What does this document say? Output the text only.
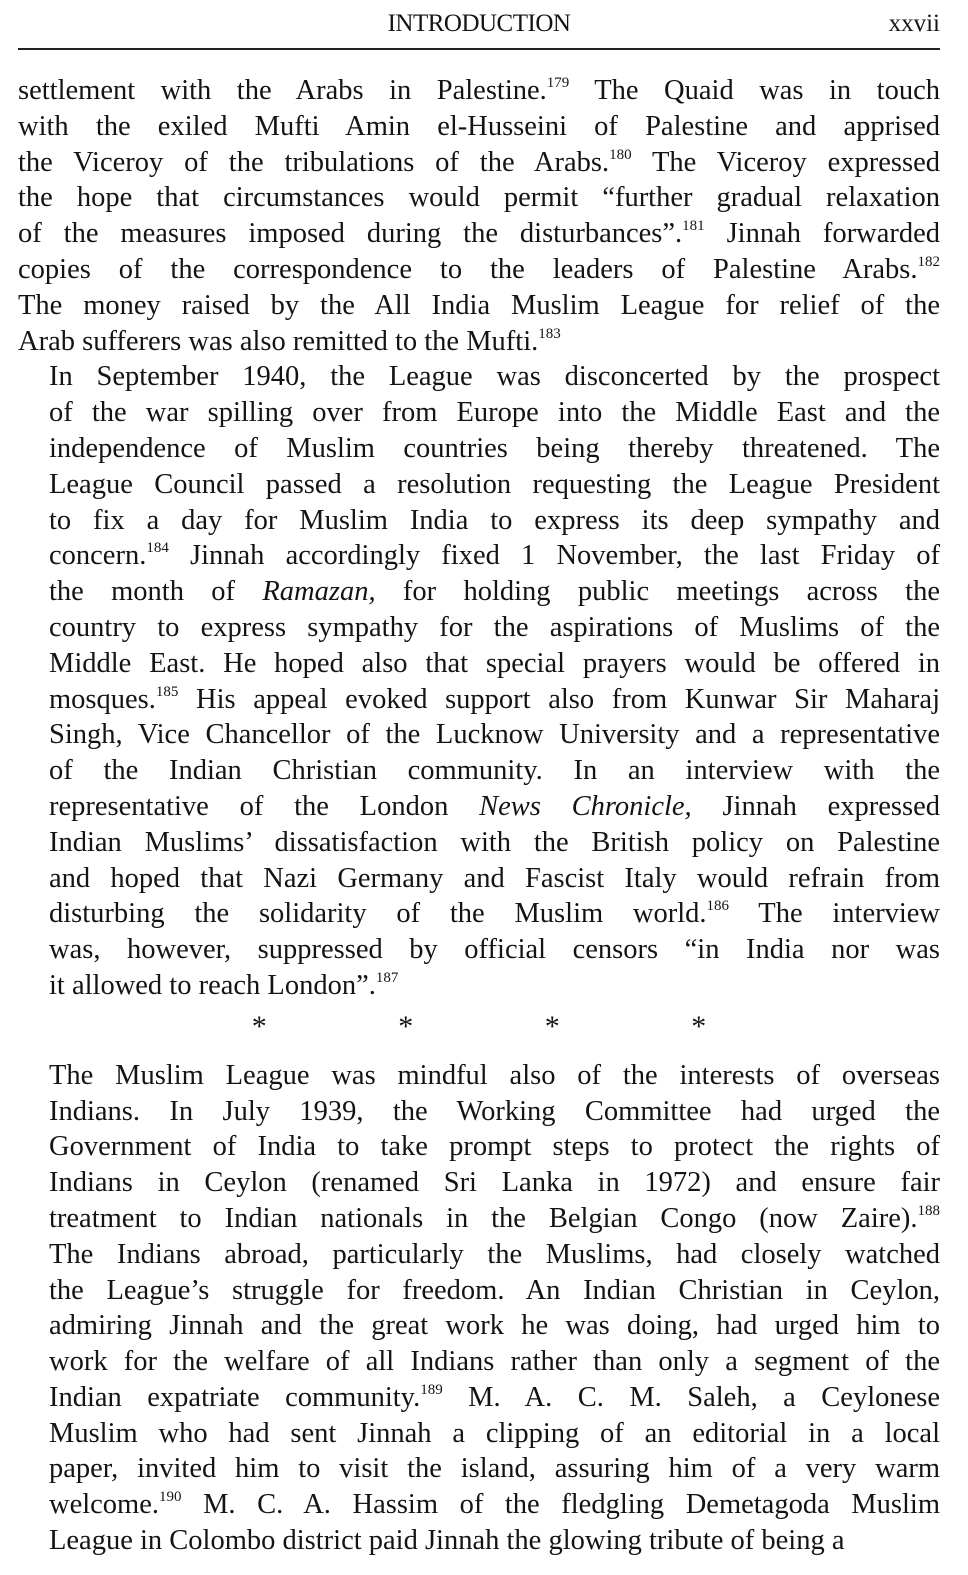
INTRODUCTION	xxvii
settlement with the Arabs in Palestine.$^{179}$ The Quaid was in touch
with the exiled Mufti Amin el-Husseini of Palestine and apprised
the Viceroy of the tribulations of the Arabs.$^{180}$ The Viceroy expressed
the hope that circumstances would permit “further gradual relaxation
of the measures imposed during the disturbances”.$^{181}$ Jinnah forwarded
copies of the correspondence to the leaders of Palestine Arabs.$^{182}$
The money raised by the All India Muslim League for relief of the
Arab sufferers was also remitted to the Mufti.$^{183}$
In September 1940, the League was disconcerted by the prospect
of the war spilling over from Europe into the Middle East and the
independence of Muslim countries being thereby threatened. The
League Council passed a resolution requesting the League President
to fix a day for Muslim India to express its deep sympathy and
concern.$^{184}$ Jinnah accordingly fixed 1 November, the last Friday of
the month of Ramazan, for holding public meetings across the
country to express sympathy for the aspirations of Muslims of the
Middle East. He hoped also that special prayers would be offered in
mosques.$^{185}$ His appeal evoked support also from Kunwar Sir Maharaj
Singh, Vice Chancellor of the Lucknow University and a representative
of the Indian Christian community. In an interview with the
representative of the London News Chronicle, Jinnah expressed
Indian Muslims’ dissatisfaction with the British policy on Palestine
and hoped that Nazi Germany and Fascist Italy would refrain from
disturbing the solidarity of the Muslim world.$^{186}$ The interview
was, however, suppressed by official censors “in India nor was
it allowed to reach London”.$^{187}$
* * * *
The Muslim League was mindful also of the interests of overseas
Indians. In July 1939, the Working Committee had urged the
Government of India to take prompt steps to protect the rights of
Indians in Ceylon (renamed Sri Lanka in 1972) and ensure fair
treatment to Indian nationals in the Belgian Congo (now Zaire).$^{188}$
The Indians abroad, particularly the Muslims, had closely watched
the League’s struggle for freedom. An Indian Christian in Ceylon,
admiring Jinnah and the great work he was doing, had urged him to
work for the welfare of all Indians rather than only a segment of the
Indian expatriate community.$^{189}$ M. A. C. M. Saleh, a Ceylonese
Muslim who had sent Jinnah a clipping of an editorial in a local
paper, invited him to visit the island, assuring him of a very warm
welcome.$^{190}$ M. C. A. Hassim of the fledgling Demetagoda Muslim
League in Colombo district paid Jinnah the glowing tribute of being a
